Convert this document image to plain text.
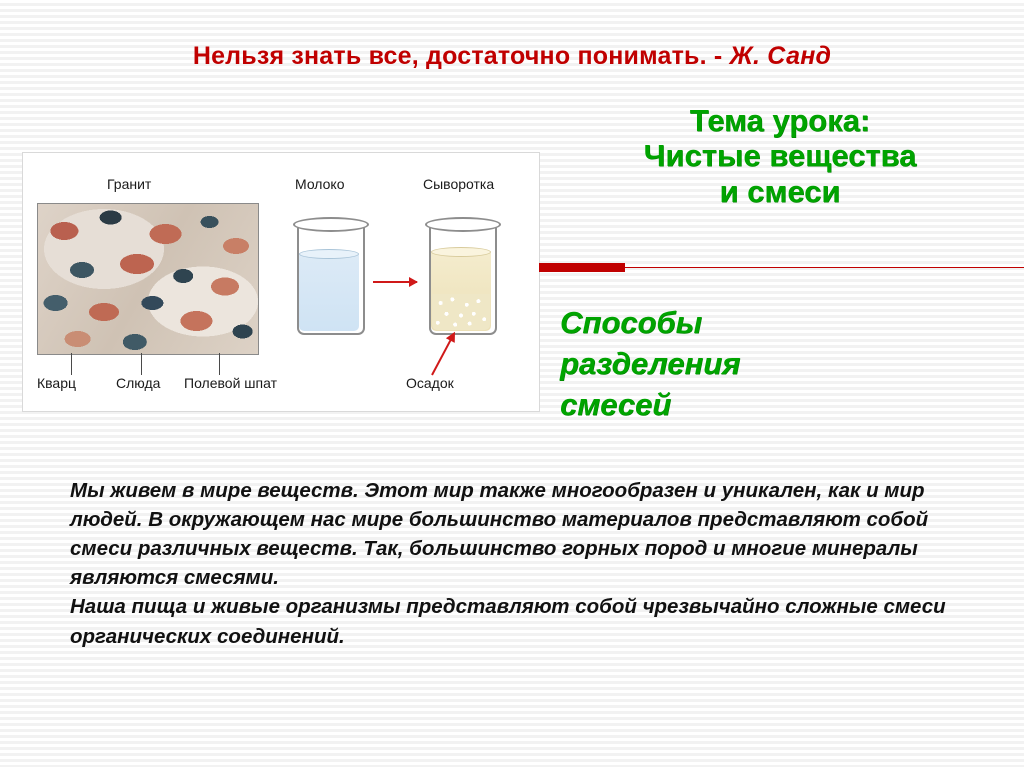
Нельзя знать все, достаточно понимать. - Ж. Санд
Гранит
Кварц	Слюда Полевой шпат
Молоко	Сыворотка
Осадок
Тема урока:
Чистые вещества
и смеси
Способы
разделения
смесей

Мы живем в мире веществ. Этот мир также многообразен и уникален, как и мир людей. В окружающем нас мире большинство материалов представляют собой смеси различных веществ. Так, большинство горных пород и многие минералы являются смесями.

Наша пища и живые организмы представляют собой чрезвычайно сложные смеси органических соединений.
